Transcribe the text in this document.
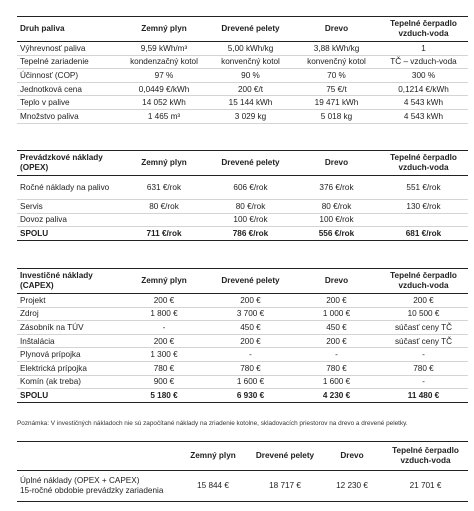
Druh paliva	Zemný plyn	Drevené pelety	Drevo	Tepelné čerpadlo vzduch-voda
Výhrevnosť paliva	9,59 kWh/m³	5,00 kWh/kg	3,88 kWh/kg	1
Tepelné zariadenie	kondenzačný kotol	konvenčný kotol	konvenčný kotol	TČ – vzduch-voda
Účinnosť (COP)	97 %	90 %	70 %	300 %
Jednotková cena	0,0449 €/kWh	200 €/t	75 €/t	0,1214 €/kWh
Teplo v palive	14 052 kWh	15 144 kWh	19 471 kWh	4 543 kWh
Množstvo paliva	1 465 m³	3 029 kg	5 018 kg	4 543 kWh
Prevádzkové náklady (OPEX)	Zemný plyn	Drevené pelety	Drevo	Tepelné čerpadlo vzduch-voda
Ročné náklady na palivo	631 €/rok	606 €/rok	376 €/rok	551 €/rok
Servis	80 €/rok	80 €/rok	80 €/rok	130 €/rok
Dovoz paliva		100 €/rok	100 €/rok	
SPOLU	711 €/rok	786 €/rok	556 €/rok	681 €/rok
Investičné náklady (CAPEX)	Zemný plyn	Drevené pelety	Drevo	Tepelné čerpadlo vzduch-voda
Projekt	200 €	200 €	200 €	200 €
Zdroj	1 800 €	3 700 €	1 000 €	10 500 €
Zásobník na TÚV	-	450 €	450 €	súčasť ceny TČ
Inštalácia	200 €	200 €	200 €	súčasť ceny TČ
Plynová prípojka	1 300 €	-	-	-
Elektrická prípojka	780 €	780 €	780 €	780 €
Komín (ak treba)	900 €	1 600 €	1 600 €	-
SPOLU	5 180 €	6 930 €	4 230 €	11 480 €
Poznámka: V investičných nákladoch nie sú započítané náklady na zriadenie kotolne, skladovacích priestorov na drevo a drevené peletky.
	Zemný plyn	Drevené pelety	Drevo	Tepelné čerpadlo vzduch-voda

Úplné náklady (OPEX + CAPEX)
15-ročné obdobie prevádzky zariadenia	15 844 €	18 717 €	12 230 €	21 701 €
